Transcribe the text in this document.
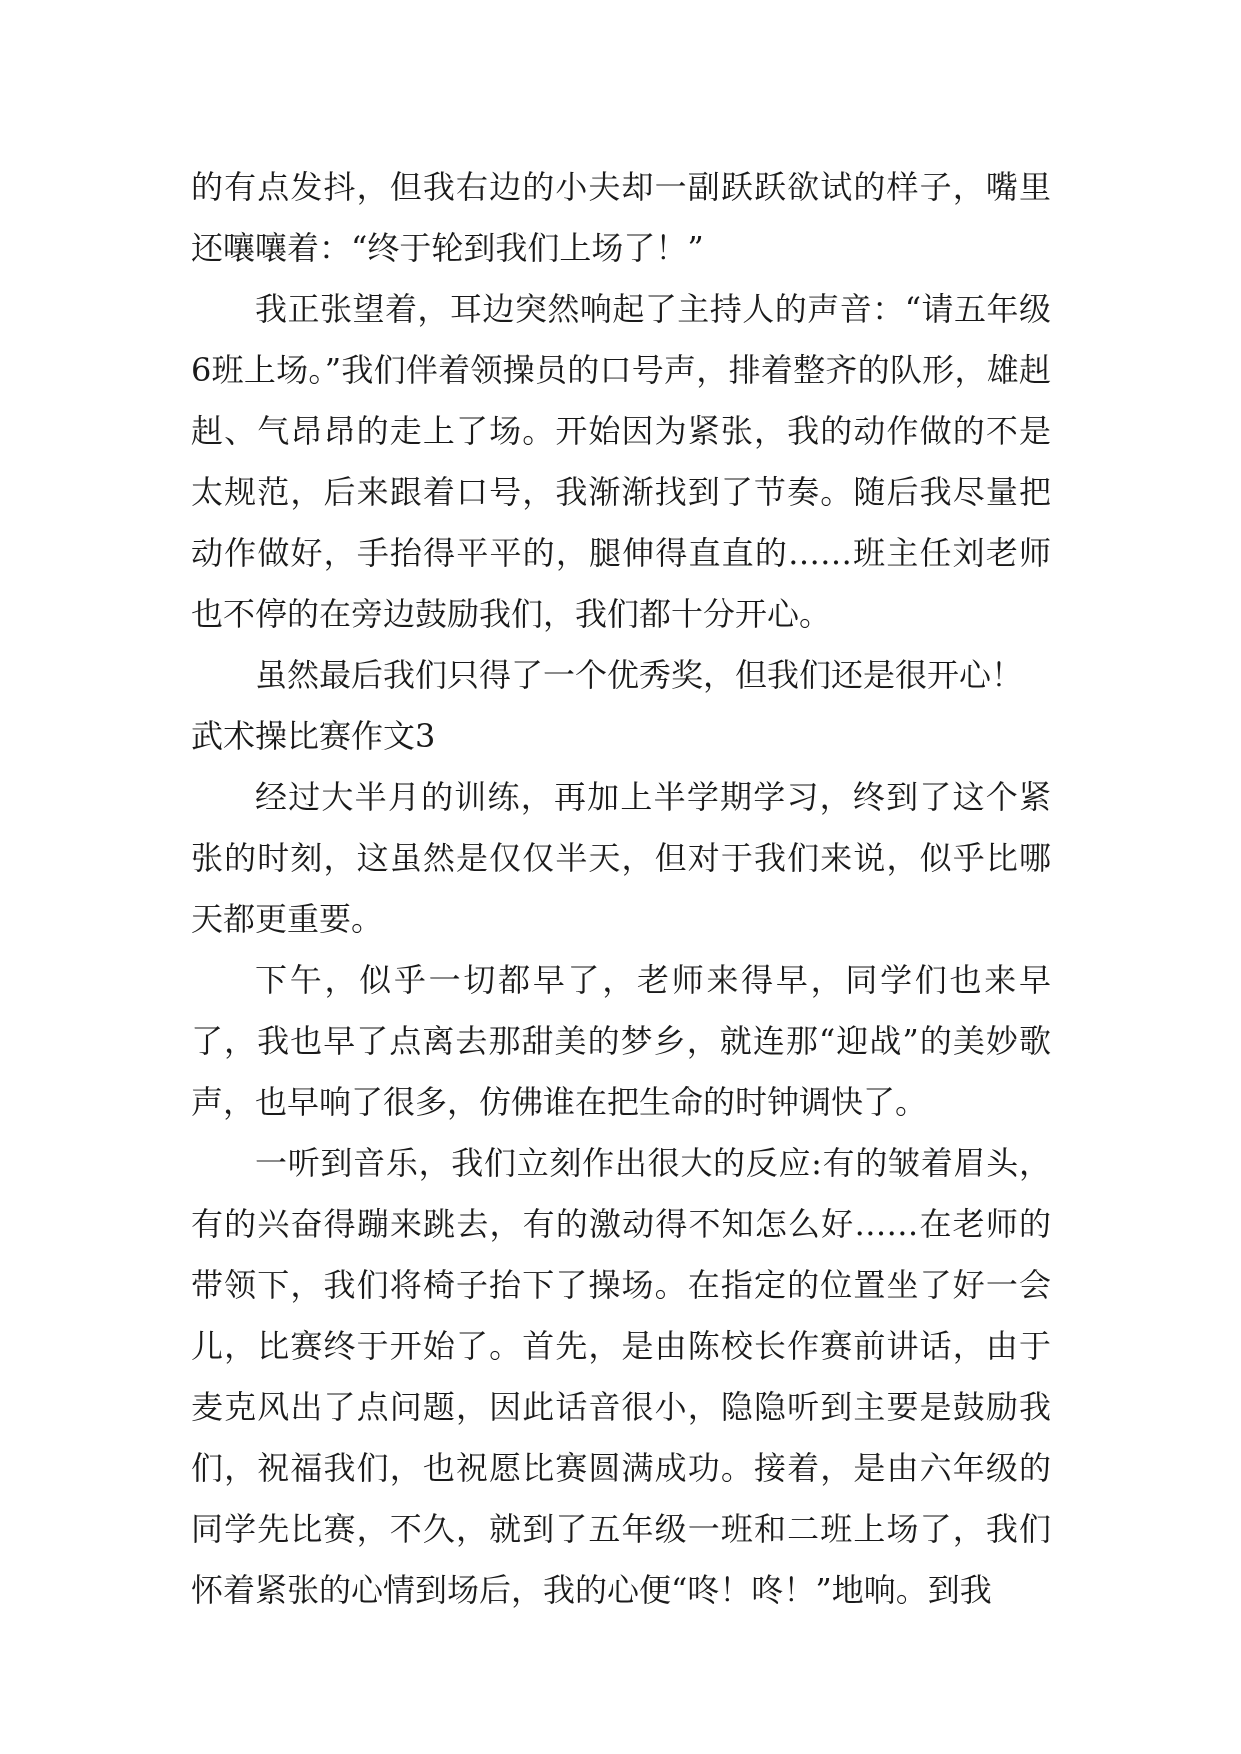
的有点发抖，但我右边的小夫却一副跃跃欲试的样子，嘴里还嚷嚷着：“终于轮到我们上场了！”

我正张望着，耳边突然响起了主持人的声音：“请五年级6班上场。”我们伴着领操员的口号声，排着整齐的队形，雄赳赳、气昂昂的走上了场。开始因为紧张，我的动作做的不是太规范，后来跟着口号，我渐渐找到了节奏。随后我尽量把动作做好，手抬得平平的，腿伸得直直的……班主任刘老师也不停的在旁边鼓励我们，我们都十分开心。

虽然最后我们只得了一个优秀奖，但我们还是很开心！

武术操比赛作文3

经过大半月的训练，再加上半学期学习，终到了这个紧张的时刻，这虽然是仅仅半天，但对于我们来说，似乎比哪天都更重要。

下午，似乎一切都早了，老师来得早，同学们也来早了，我也早了点离去那甜美的梦乡，就连那“迎战”的美妙歌声，也早响了很多，仿佛谁在把生命的时钟调快了。

一听到音乐，我们立刻作出很大的反应:有的皱着眉头，有的兴奋得蹦来跳去，有的激动得不知怎么好……在老师的带领下，我们将椅子抬下了操场。在指定的位置坐了好一会儿，比赛终于开始了。首先，是由陈校长作赛前讲话，由于麦克风出了点问题，因此话音很小，隐隐听到主要是鼓励我们，祝福我们，也祝愿比赛圆满成功。接着，是由六年级的同学先比赛，不久，就到了五年级一班和二班上场了，我们怀着紧张的心情到场后，我的心便“咚！咚！”地响。到我
